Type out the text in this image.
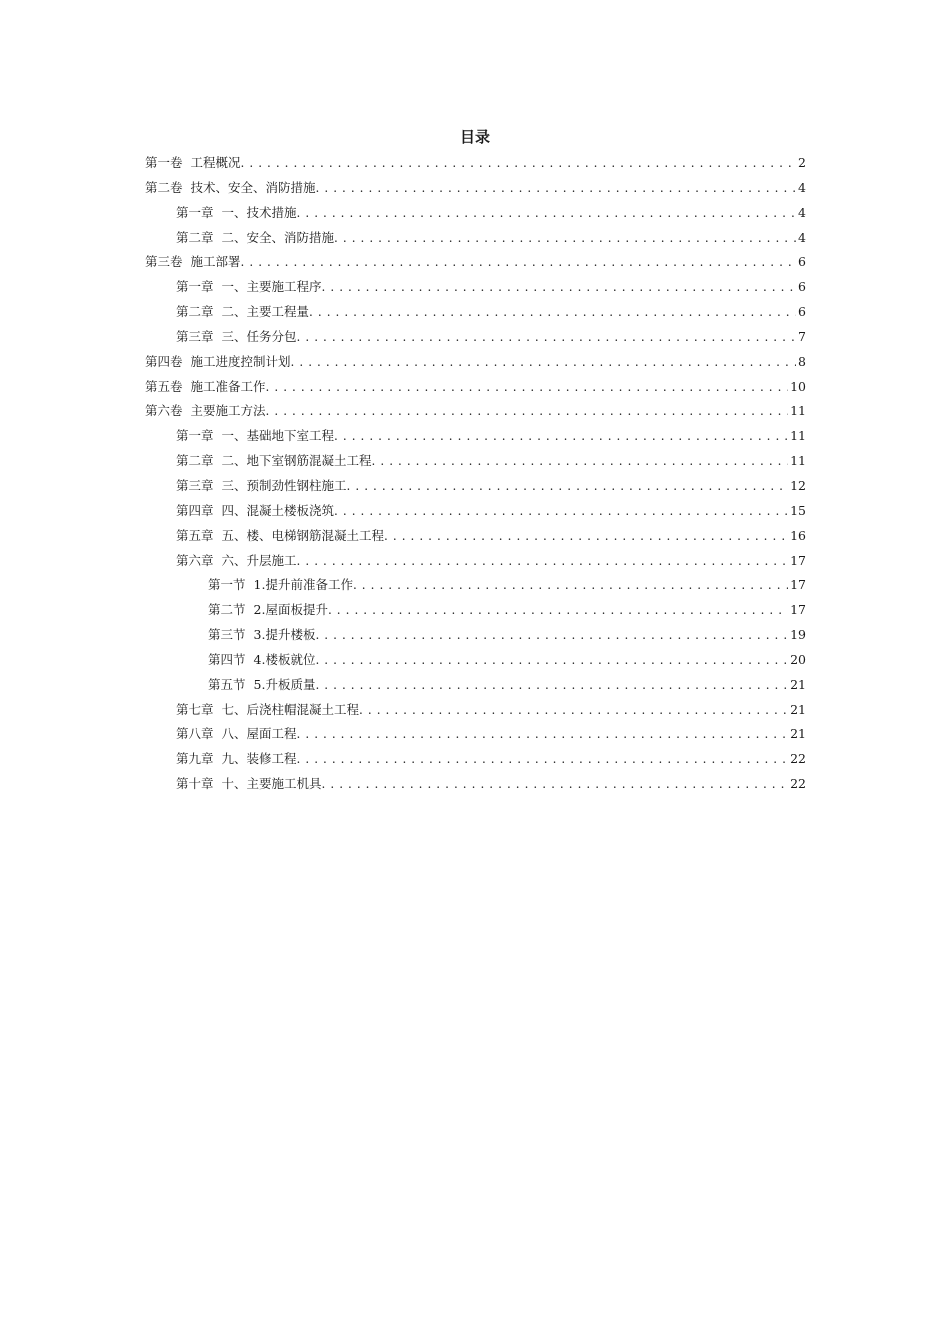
目录
第一卷 工程概况 . . .	2
第二卷 技术、安全、消防措施 . . .	4
第一章 一、技术措施 . . .	4
第二章 二、安全、消防措施 . . .	4
第三卷 施工部署 . . .	6
第一章 一、主要施工程序 . . .	6
第二章 二、主要工程量 . . .	6
第三章 三、任务分包 . . .	7
第四卷 施工进度控制计划 . . .	8
第五卷 施工准备工作 . . .	10
第六卷 主要施工方法 . . .	11
第一章 一、基础地下室工程 . . .	11
第二章 二、地下室钢筋混凝土工程 . . .	11
第三章 三、预制劲性钢柱施工 . . .	12
第四章 四、混凝土楼板浇筑 . . .	15
第五章 五、楼、电梯钢筋混凝土工程 . . .	16
第六章 六、升层施工 . . .	17
第一节 1.提升前准备工作 . . .	17
第二节 2.屋面板提升 . . .	17
第三节 3.提升楼板 . . .	19
第四节 4.楼板就位 . . .	20
第五节 5.升板质量 . . .	21
第七章 七、后浇柱帽混凝土工程 . . .	21
第八章 八、屋面工程 . . .	21
第九章 九、装修工程 . . .	22
第十章 十、主要施工机具 . . .	22
